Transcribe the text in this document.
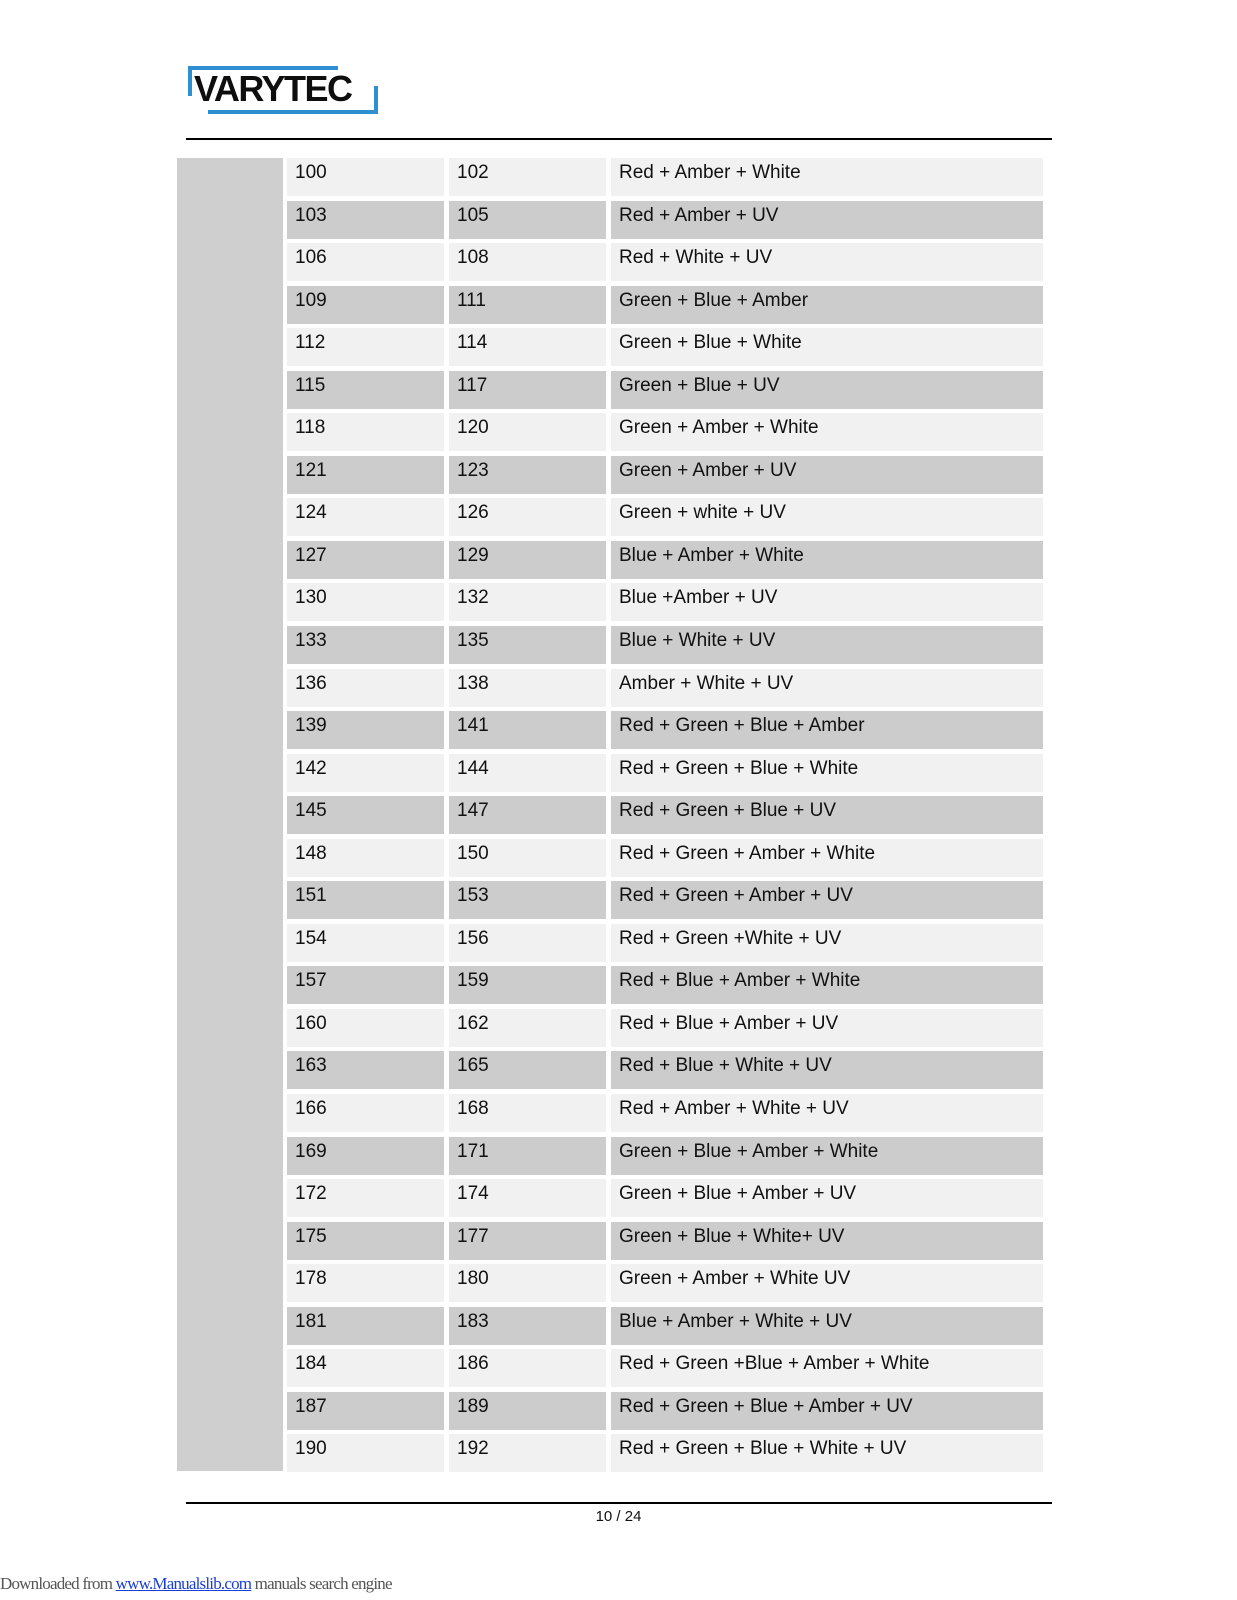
VARYTEC
100	102	Red + Amber + White
103	105	Red + Amber + UV
106	108	Red + White + UV
109	111	Green + Blue + Amber
112	114	Green + Blue + White
115	117	Green + Blue + UV
118	120	Green + Amber + White
121	123	Green + Amber + UV
124	126	Green + white + UV
127	129	Blue + Amber + White
130	132	Blue +Amber + UV
133	135	Blue + White + UV
136	138	Amber + White + UV
139	141	Red + Green + Blue + Amber
142	144	Red + Green + Blue + White
145	147	Red + Green + Blue + UV
148	150	Red + Green + Amber + White
151	153	Red + Green + Amber + UV
154	156	Red + Green +White + UV
157	159	Red + Blue + Amber + White
160	162	Red + Blue + Amber + UV
163	165	Red + Blue + White + UV
166	168	Red + Amber + White + UV
169	171	Green + Blue + Amber + White
172	174	Green + Blue + Amber + UV
175	177	Green + Blue + White+ UV
178	180	Green + Amber + White UV
181	183	Blue + Amber + White + UV
184	186	Red + Green +Blue + Amber + White
187	189	Red + Green + Blue + Amber + UV
190	192	Red + Green + Blue + White + UV
10 / 24
Downloaded from www.Manualslib.com manuals search engine
